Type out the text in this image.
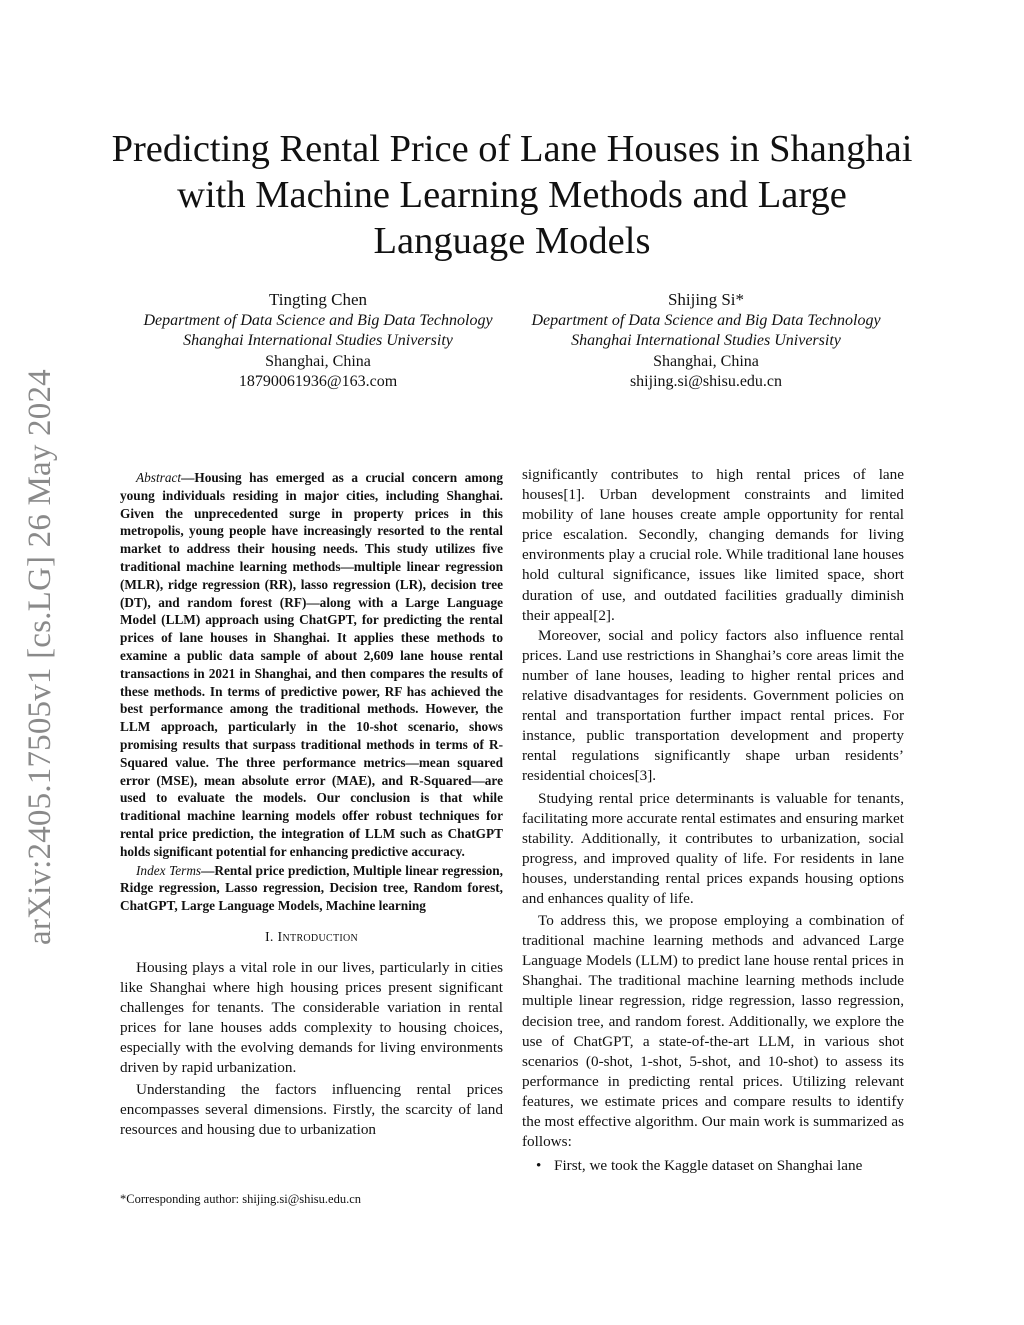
arXiv:2405.17505v1 [cs.LG] 26 May 2024
Predicting Rental Price of Lane Houses in Shanghai with Machine Learning Methods and Large Language Models
Tingting Chen
Department of Data Science and Big Data Technology
Shanghai International Studies University
Shanghai, China
18790061936@163.com
Shijing Si*
Department of Data Science and Big Data Technology
Shanghai International Studies University
Shanghai, China
shijing.si@shisu.edu.cn

Abstract—Housing has emerged as a crucial concern among young individuals residing in major cities, including Shanghai. Given the unprecedented surge in property prices in this metropolis, young people have increasingly resorted to the rental market to address their housing needs. This study utilizes five traditional machine learning methods—multiple linear regression (MLR), ridge regression (RR), lasso regression (LR), decision tree (DT), and random forest (RF)—along with a Large Language Model (LLM) approach using ChatGPT, for predicting the rental prices of lane houses in Shanghai. It applies these methods to examine a public data sample of about 2,609 lane house rental transactions in 2021 in Shanghai, and then compares the results of these methods. In terms of predictive power, RF has achieved the best performance among the traditional methods. However, the LLM approach, particularly in the 10-shot scenario, shows promising results that surpass traditional methods in terms of R-Squared value. The three performance metrics—mean squared error (MSE), mean absolute error (MAE), and R-Squared—are used to evaluate the models. Our conclusion is that while traditional machine learning models offer robust techniques for rental price prediction, the integration of LLM such as ChatGPT holds significant potential for enhancing predictive accuracy.

Index Terms—Rental price prediction, Multiple linear regression, Ridge regression, Lasso regression, Decision tree, Random forest, ChatGPT, Large Language Models, Machine learning

I. Introduction

Housing plays a vital role in our lives, particularly in cities like Shanghai where high housing prices present significant challenges for tenants. The considerable variation in rental prices for lane houses adds complexity to housing choices, especially with the evolving demands for living environments driven by rapid urbanization.

Understanding the factors influencing rental prices encompasses several dimensions. Firstly, the scarcity of land resources and housing due to urbanization

*Corresponding author: shijing.si@shisu.edu.cn

significantly contributes to high rental prices of lane houses[1]. Urban development constraints and limited mobility of lane houses create ample opportunity for rental price escalation. Secondly, changing demands for living environments play a crucial role. While traditional lane houses hold cultural significance, issues like limited space, short duration of use, and outdated facilities gradually diminish their appeal[2].

Moreover, social and policy factors also influence rental prices. Land use restrictions in Shanghai’s core areas limit the number of lane houses, leading to higher rental prices and relative disadvantages for residents. Government policies on rental and transportation further impact rental prices. For instance, public transportation development and property rental regulations significantly shape urban residents’ residential choices[3].

Studying rental price determinants is valuable for tenants, facilitating more accurate rental estimates and ensuring market stability. Additionally, it contributes to urbanization, social progress, and improved quality of life. For residents in lane houses, understanding rental prices expands housing options and enhances quality of life.

To address this, we propose employing a combination of traditional machine learning methods and advanced Large Language Models (LLM) to predict lane house rental prices in Shanghai. The traditional machine learning methods include multiple linear regression, ridge regression, lasso regression, decision tree, and random forest. Additionally, we explore the use of ChatGPT, a state-of-the-art LLM, in various shot scenarios (0-shot, 1-shot, 5-shot, and 10-shot) to assess its performance in predicting rental prices. Utilizing relevant features, we estimate prices and compare results to identify the most effective algorithm. Our main work is summarized as follows:

• First, we took the Kaggle dataset on Shanghai lane
